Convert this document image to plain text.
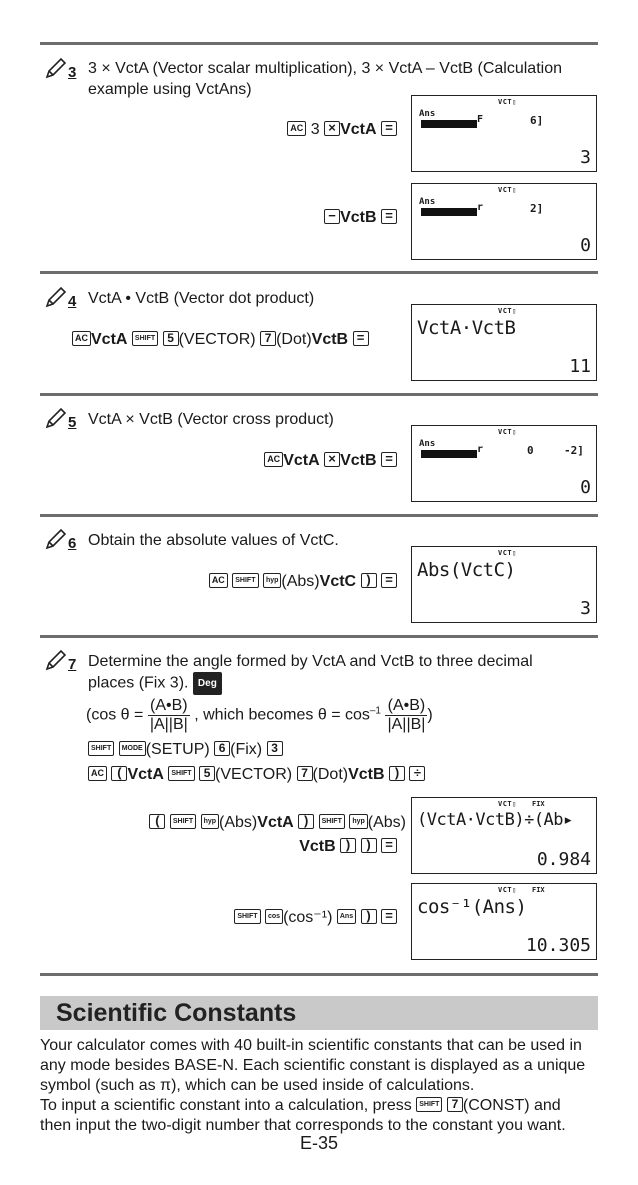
3 3 × VctA (Vector scalar multiplication), 3 × VctA – VctB (Calculation
example using VctAns)
AC 3 × VctA =
VCT▯
Ans	F	6]
3
− VctB =
VCT▯
Ans	r	2]
0
4 VctA • VctB (Vector dot product)
AC VctA SHIFT 5 (VECTOR) 7 (Dot)VctB =
VCT▯
VctA·VctB
11
5 VctA × VctB (Vector cross product)
AC VctA × VctB =
VCT▯
Ans	r	0	-2]
0
6 Obtain the absolute values of VctC.
AC SHIFT hyp (Abs)VctC ) =
VCT▯
Abs(VctC)
3
7 Determine the angle formed by VctA and VctB to three decimal
places (Fix 3). Deg
(cos $\theta = \frac{(A•B)}{|A||B|}$ , which becomes $\theta = \cos^{-1} \frac{(A•B)}{|A||B|}$ )
SHIFT MODE (SETUP) 6 (Fix) 3
AC ( VctA SHIFT 5 (VECTOR) 7 (Dot)VctB ) ÷
( SHIFT hyp (Abs)VctA ) SHIFT hyp (Abs)
VctB ) ) =
VCT▯ FIX
(VctA·VctB)÷(Ab▸
0.984
SHIFT cos (cos⁻¹) Ans ) =
VCT▯ FIX
cos⁻¹(Ans)
10.305
Scientific Constants
Your calculator comes with 40 built-in scientific constants that can be used in
any mode besides BASE-N. Each scientific constant is displayed as a unique
symbol (such as π), which can be used inside of calculations.
To input a scientific constant into a calculation, press SHIFT 7 (CONST) and
then input the two-digit number that corresponds to the constant you want.
E-35
